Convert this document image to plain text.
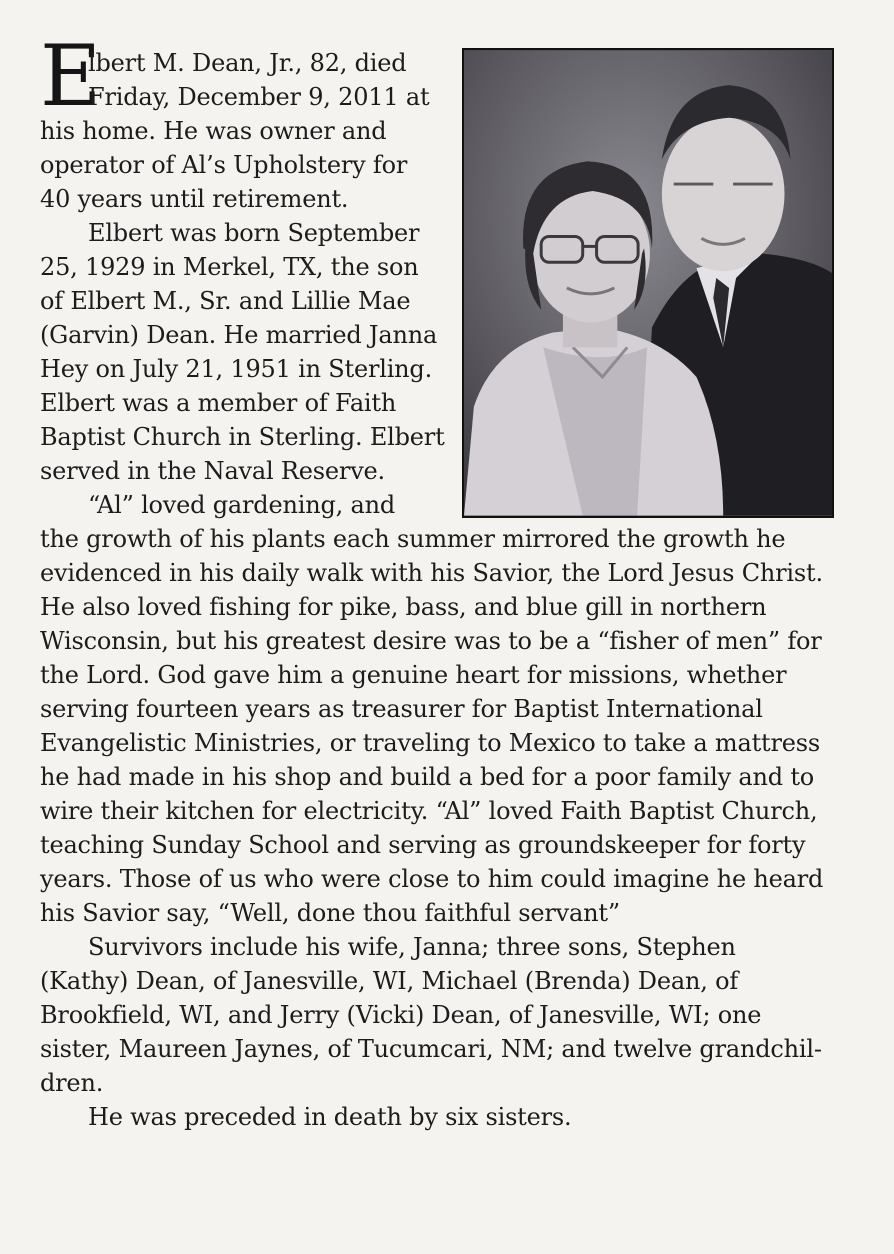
E

lbert M. Dean, Jr., 82, died

Friday, December 9, 2011 at

his home. He was owner and

operator of Al’s Upholstery for

40 years until retirement.

Elbert was born September

25, 1929 in Merkel, TX, the son

of Elbert M., Sr. and Lillie Mae

(Garvin) Dean. He married Janna

Hey on July 21, 1951 in Sterling.

Elbert was a member of Faith

Baptist Church in Sterling. Elbert

served in the Naval Reserve.

“Al” loved gardening, and

the growth of his plants each summer mirrored the growth he

evidenced in his daily walk with his Savior, the Lord Jesus Christ.

He also loved fishing for pike, bass, and blue gill in northern

Wisconsin, but his greatest desire was to be a “fisher of men” for

the Lord. God gave him a genuine heart for missions, whether

serving fourteen years as treasurer for Baptist International

Evangelistic Ministries, or traveling to Mexico to take a mattress

he had made in his shop and build a bed for a poor family and to

wire their kitchen for electricity. “Al” loved Faith Baptist Church,

teaching Sunday School and serving as groundskeeper for forty

years. Those of us who were close to him could imagine he heard

his Savior say, “Well, done thou faithful servant”

Survivors include his wife, Janna; three sons, Stephen

(Kathy) Dean, of Janesville, WI, Michael (Brenda) Dean, of

Brookfield, WI, and Jerry (Vicki) Dean, of Janesville, WI; one

sister, Maureen Jaynes, of Tucumcari, NM; and twelve grandchil-

dren.

He was preceded in death by six sisters.
